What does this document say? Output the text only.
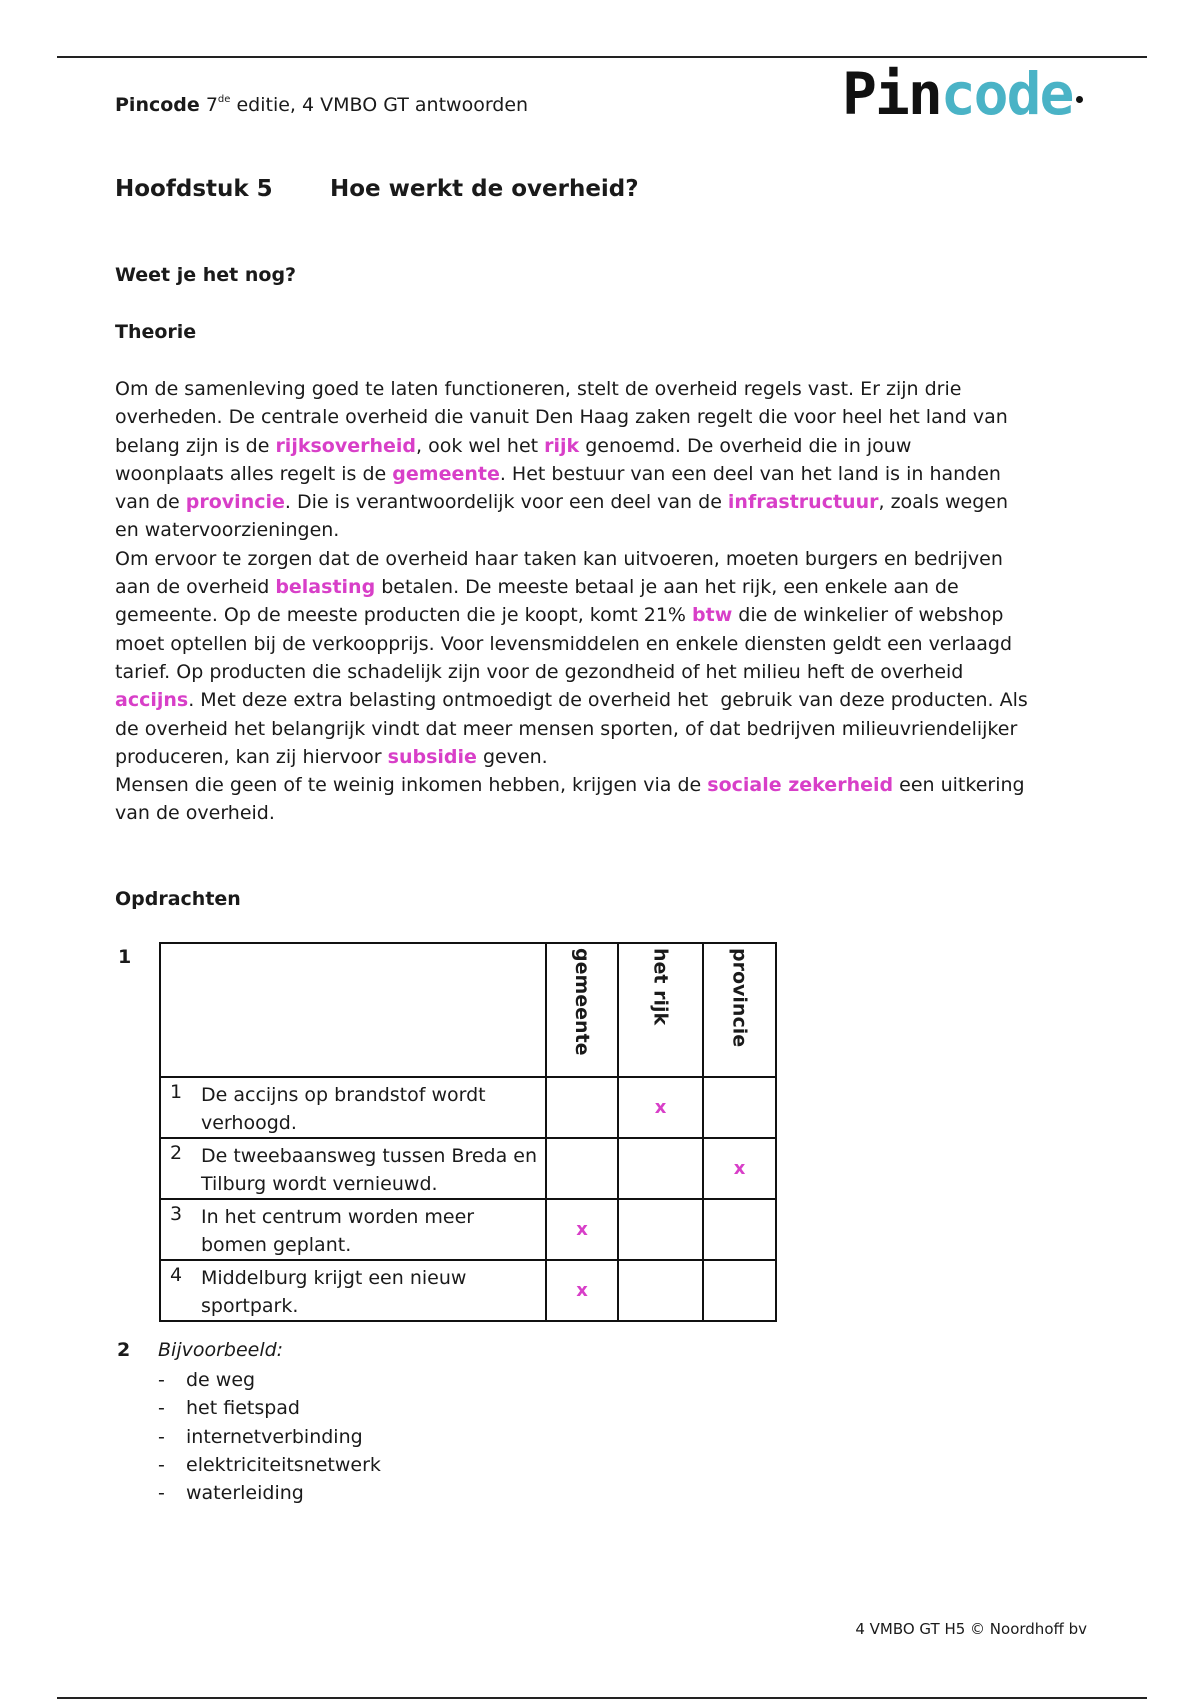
Pincode 7de editie, 4 VMBO GT antwoorden	Pin code
Hoofdstuk 5 Hoe werkt de overheid?
Weet je het nog?
Theorie
Om de samenleving goed te laten functioneren, stelt de overheid regels vast. Er zijn drie
overheden. De centrale overheid die vanuit Den Haag zaken regelt die voor heel het land van
belang zijn is de rijksoverheid, ook wel het rijk genoemd. De overheid die in jouw
woonplaats alles regelt is de gemeente. Het bestuur van een deel van het land is in handen
van de provincie. Die is verantwoordelijk voor een deel van de infrastructuur, zoals wegen
en watervoorzieningen.
Om ervoor te zorgen dat de overheid haar taken kan uitvoeren, moeten burgers en bedrijven
aan de overheid belasting betalen. De meeste betaal je aan het rijk, een enkele aan de
gemeente. Op de meeste producten die je koopt, komt 21% btw die de winkelier of webshop
moet optellen bij de verkoopprijs. Voor levensmiddelen en enkele diensten geldt een verlaagd
tarief. Op producten die schadelijk zijn voor de gezondheid of het milieu heft de overheid
accijns. Met deze extra belasting ontmoedigt de overheid het  gebruik van deze producten. Als
de overheid het belangrijk vindt dat meer mensen sporten, of dat bedrijven milieuvriendelijker
produceren, kan zij hiervoor subsidie geven.
Mensen die geen of te weinig inkomen hebben, krijgen via de sociale zekerheid een uitkering
van de overheid.
Opdrachten
1

	gemeente	het rijk	provincie

1 De accijns op brandstof wordt verhoogd.		x	

2 De tweebaansweg tussen Breda en Tilburg wordt vernieuwd.			x

3 In het centrum worden meer bomen geplant.	x		

4 Middelburg krijgt een nieuw sportpark.	x		
2 Bijvoorbeeld:
- de weg
- het fietspad
- internetverbinding
- elektriciteitsnetwerk
- waterleiding
4 VMBO GT H5 © Noordhoff bv
